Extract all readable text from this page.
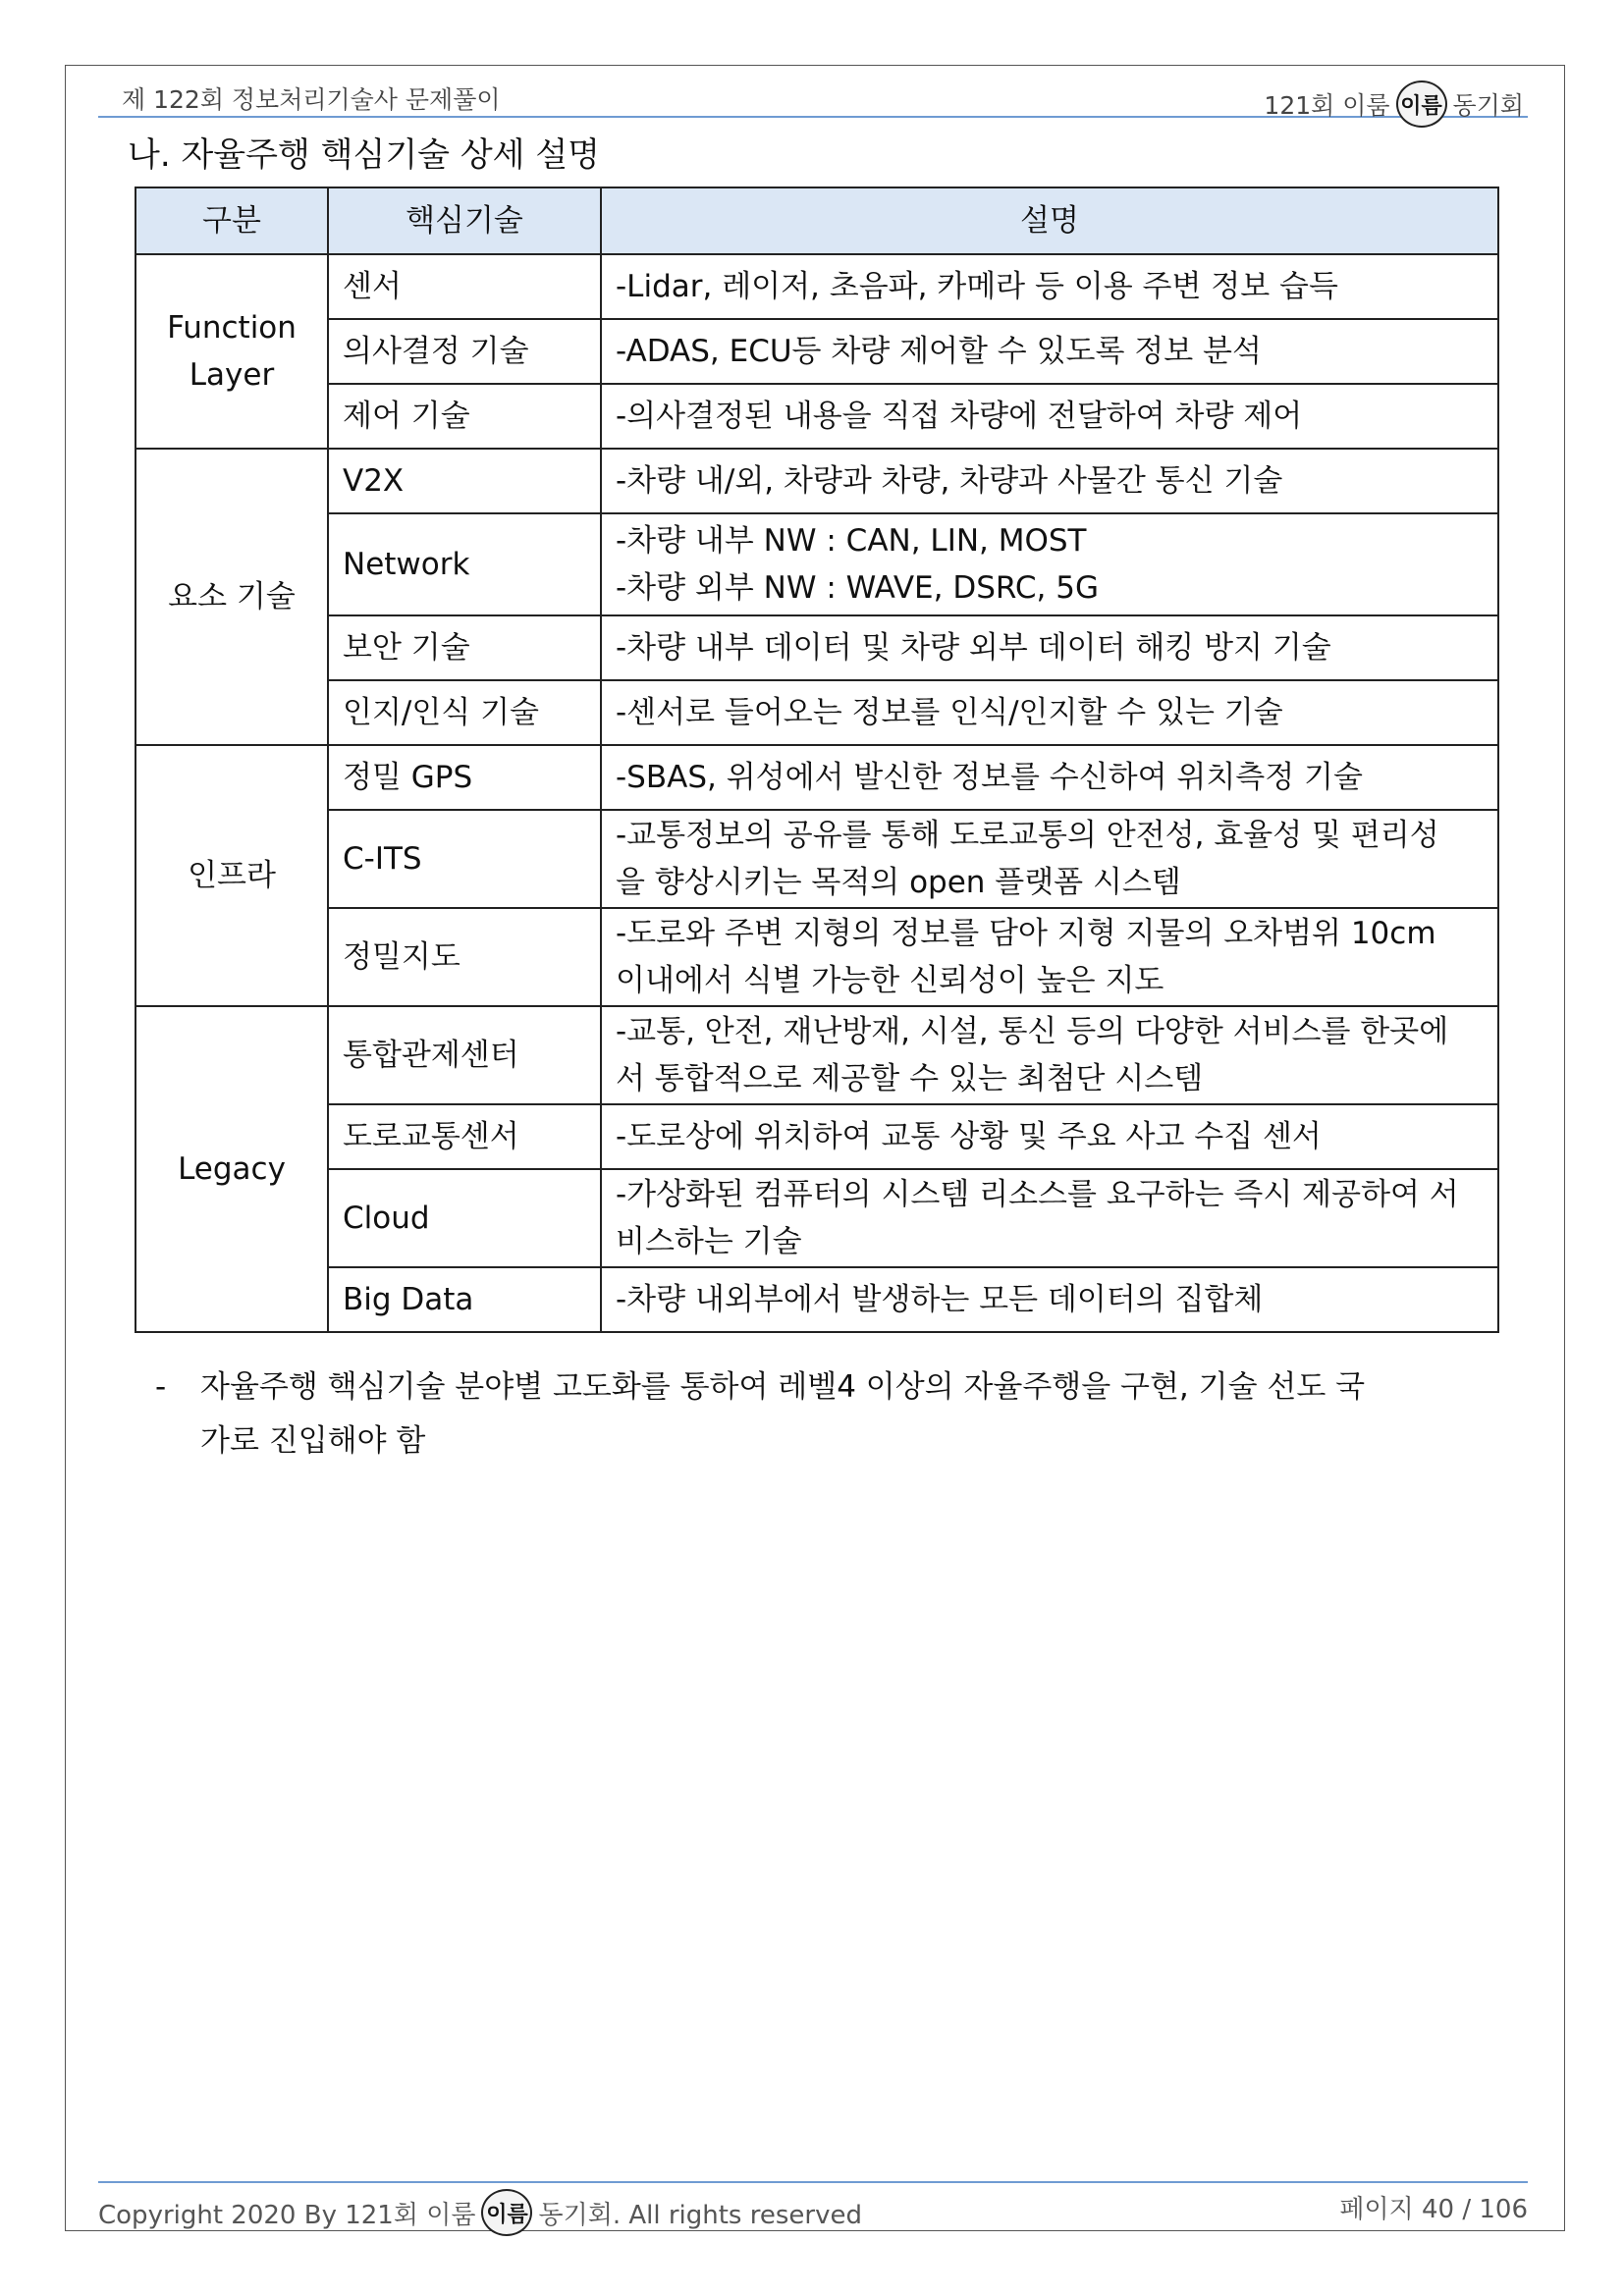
제 122회 정보처리기술사 문제풀이	121회 이룸 이름 동기회
나. 자율주행 핵심기술 상세 설명
구분	핵심기술	설명

Function Layer	센서	-Lidar, 레이저, 초음파, 카메라 등 이용 주변 정보 습득
	의사결정 기술	-ADAS, ECU등 차량 제어할 수 있도록 정보 분석
	제어 기술	-의사결정된 내용을 직접 차량에 전달하여 차량 제어
요소 기술	V2X	-차량 내/외, 차량과 차량, 차량과 사물간 통신 기술
	Network	-차량 내부 NW : CAN, LIN, MOST
-차량 외부 NW : WAVE, DSRC, 5G

	보안 기술	-차량 내부 데이터 및 차량 외부 데이터 해킹 방지 기술
	인지/인식 기술	-센서로 들어오는 정보를 인식/인지할 수 있는 기술
인프라	정밀 GPS	-SBAS, 위성에서 발신한 정보를 수신하여 위치측정 기술
	C-ITS	-교통정보의 공유를 통해 도로교통의 안전성, 효율성 및 편리성
을 향상시키는 목적의 open 플랫폼 시스템

	정밀지도	-도로와 주변 지형의 정보를 담아 지형 지물의 오차범위 10cm
이내에서 식별 가능한 신뢰성이 높은 지도

Legacy	통합관제센터	-교통, 안전, 재난방재, 시설, 통신 등의 다양한 서비스를 한곳에
서 통합적으로 제공할 수 있는 최첨단 시스템

	도로교통센서	-도로상에 위치하여 교통 상황 및 주요 사고 수집 센서
	Cloud	-가상화된 컴퓨터의 시스템 리소스를 요구하는 즉시 제공하여 서
비스하는 기술

	Big Data	-차량 내외부에서 발생하는 모든 데이터의 집합체
- 자율주행 핵심기술 분야별 고도화를 통하여 레벨4 이상의 자율주행을 구현, 기술 선도 국가로 진입해야 함
Copyright 2020 By 121회 이룸 이름 동기회. All rights reserved	페이지 40 / 106
